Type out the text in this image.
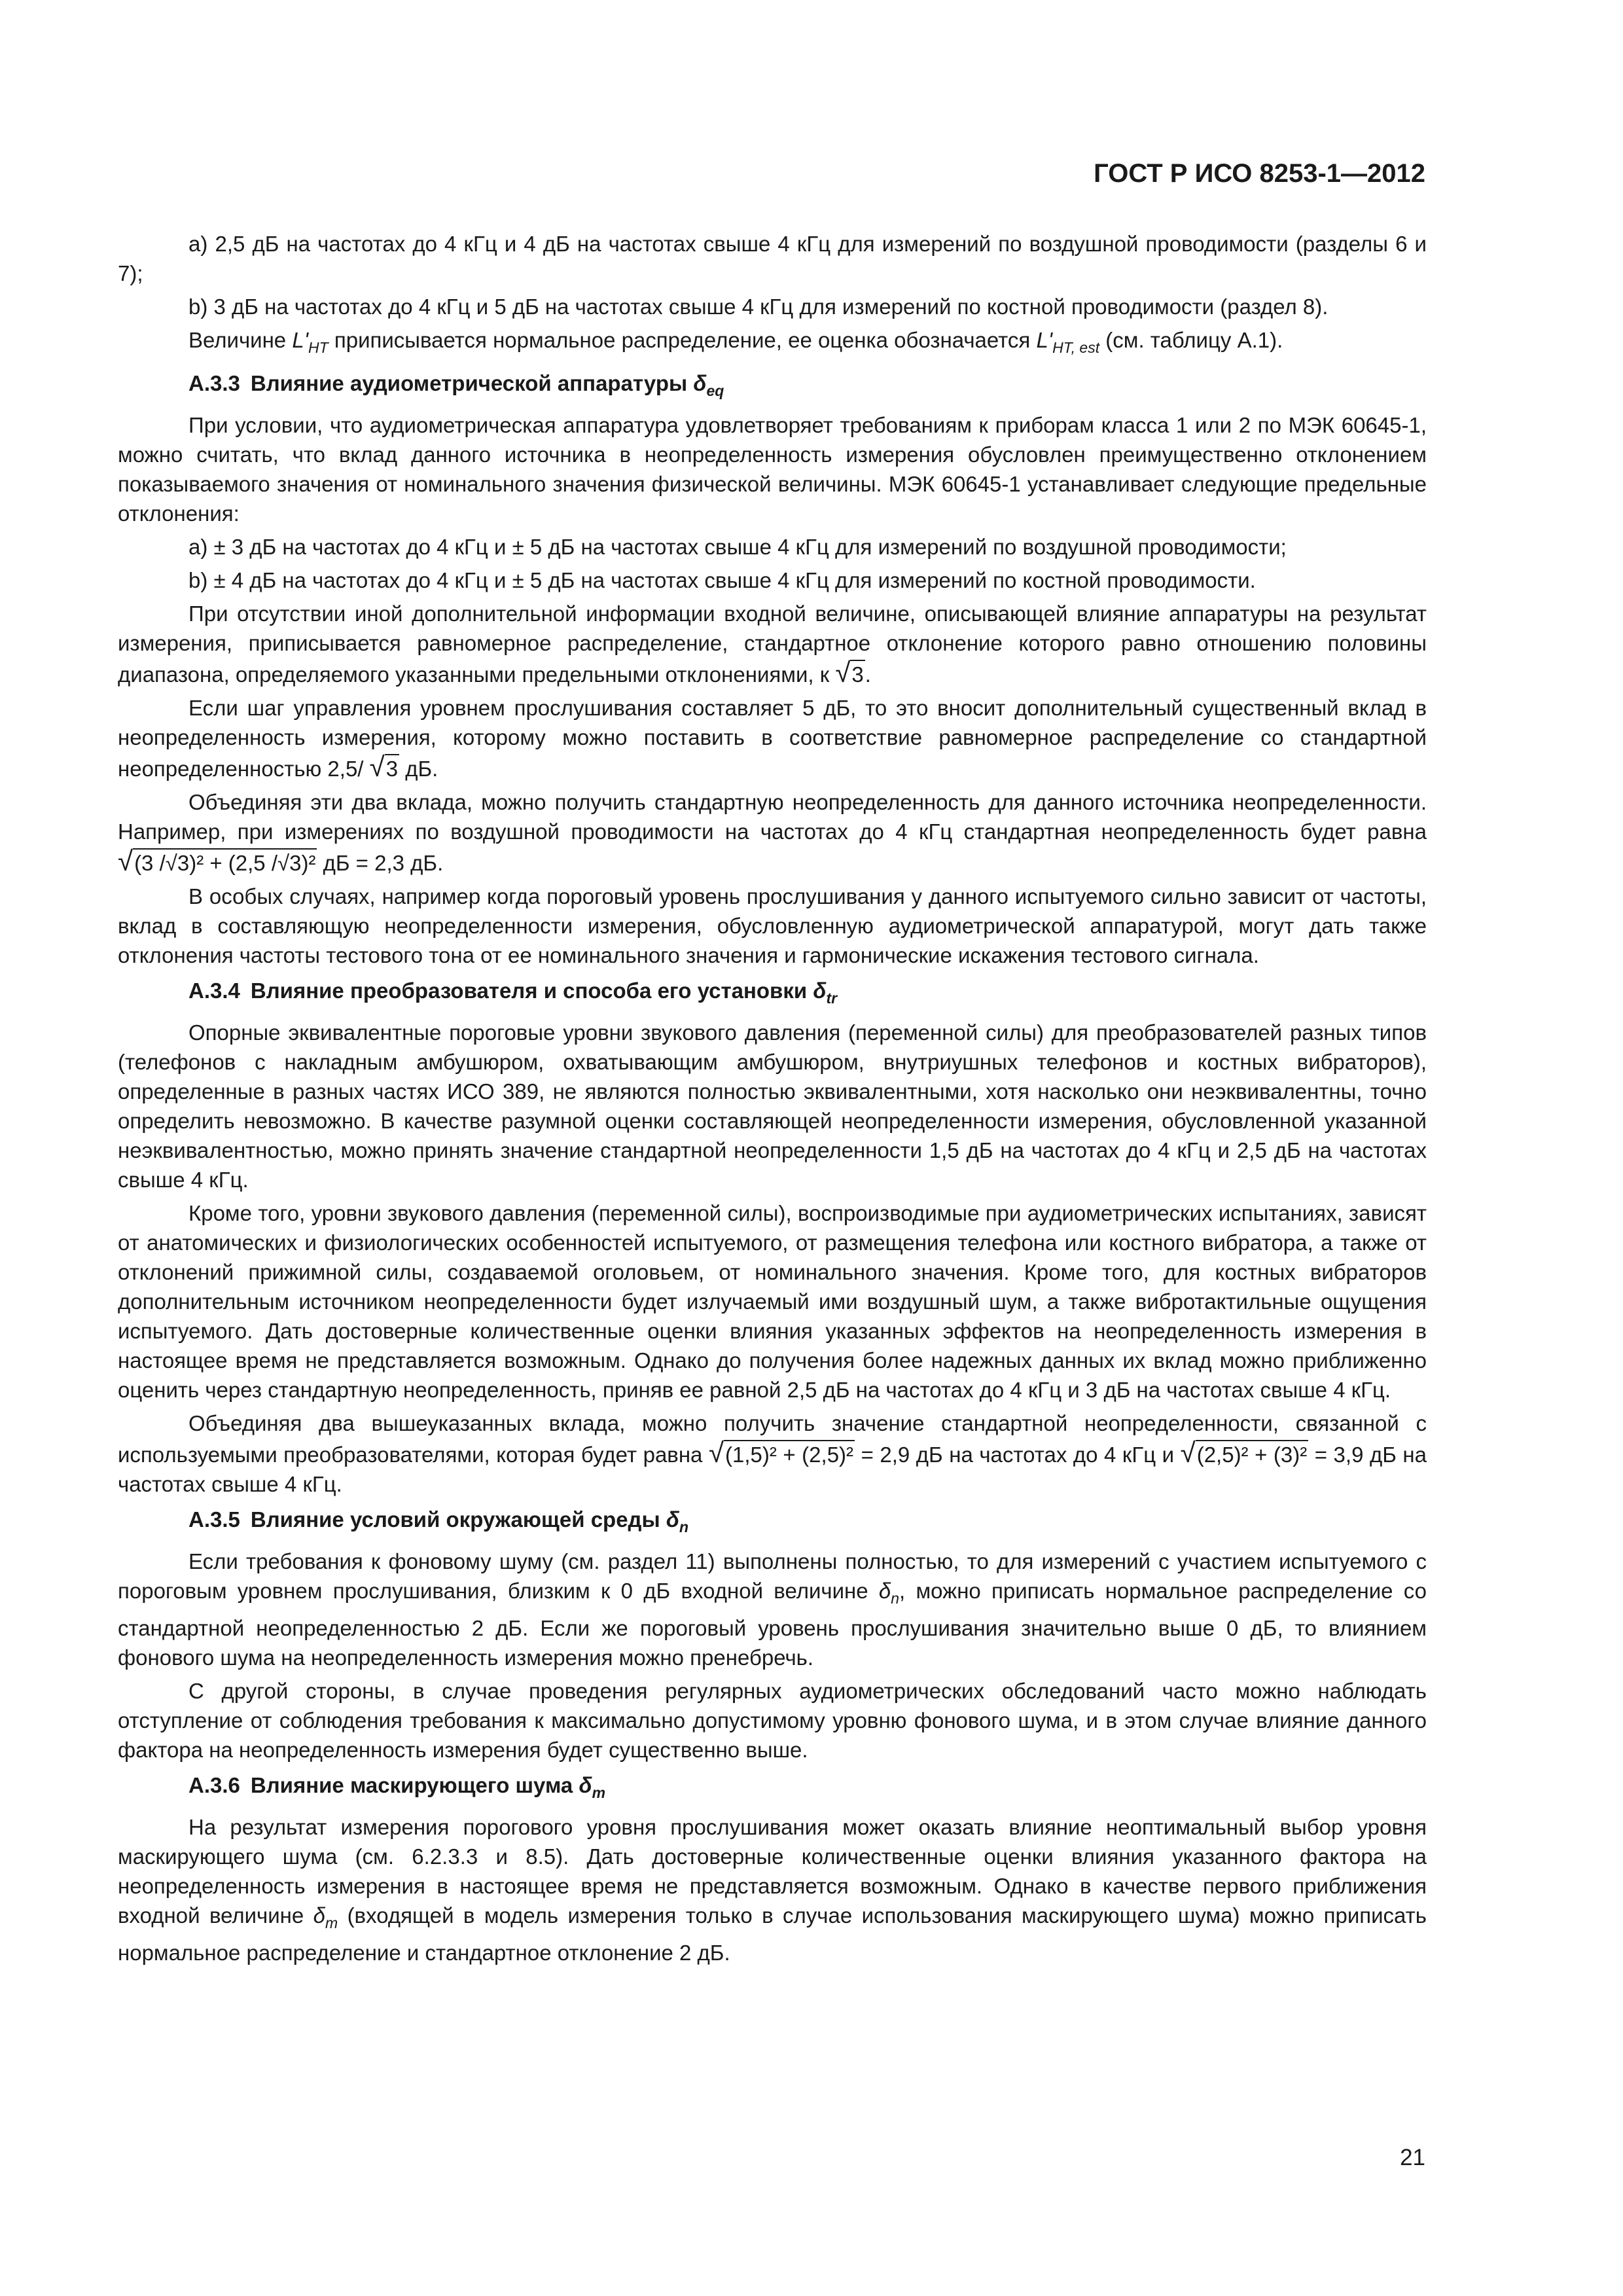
ГОСТ Р ИСО 8253-1—2012

a) 2,5 дБ на частотах до 4 кГц и 4 дБ на частотах свыше 4 кГц для измерений по воздушной проводимости (разделы 6 и 7);

b) 3 дБ на частотах до 4 кГц и 5 дБ на частотах свыше 4 кГц для измерений по костной проводимости (раздел 8).

Величине $L'_{HT}$ приписывается нормальное распределение, ее оценка обозначается $L'_{HT, est}$ (см. таблицу А.1).

А.3.3 Влияние аудиометрической аппаратуры $\delta_{eq}$

При условии, что аудиометрическая аппаратура удовлетворяет требованиям к приборам класса 1 или 2 по МЭК 60645-1, можно считать, что вклад данного источника в неопределенность измерения обусловлен преимущественно отклонением показываемого значения от номинального значения физической величины. МЭК 60645-1 устанавливает следующие предельные отклонения:

a) ± 3 дБ на частотах до 4 кГц и ± 5 дБ на частотах свыше 4 кГц для измерений по воздушной проводимости;

b) ± 4 дБ на частотах до 4 кГц и ± 5 дБ на частотах свыше 4 кГц для измерений по костной проводимости.

При отсутствии иной дополнительной информации входной величине, описывающей влияние аппаратуры на результат измерения, приписывается равномерное распределение, стандартное отклонение которого равно отношению половины диапазона, определяемого указанными предельными отклонениями, к √3.

Если шаг управления уровнем прослушивания составляет 5 дБ, то это вносит дополнительный существенный вклад в неопределенность измерения, которому можно поставить в соответствие равномерное распределение со стандартной неопределенностью 2,5/ √3 дБ.

Объединяя эти два вклада, можно получить стандартную неопределенность для данного источника неопределенности. Например, при измерениях по воздушной проводимости на частотах до 4 кГц стандартная неопределенность будет равна √(3 /√3)² + (2,5 /√3)² дБ = 2,3 дБ.

В особых случаях, например когда пороговый уровень прослушивания у данного испытуемого сильно зависит от частоты, вклад в составляющую неопределенности измерения, обусловленную аудиометрической аппаратурой, могут дать также отклонения частоты тестового тона от ее номинального значения и гармонические искажения тестового сигнала.

А.3.4 Влияние преобразователя и способа его установки $\delta_{tr}$

Опорные эквивалентные пороговые уровни звукового давления (переменной силы) для преобразователей разных типов (телефонов с накладным амбушюром, охватывающим амбушюром, внутриушных телефонов и костных вибраторов), определенные в разных частях ИСО 389, не являются полностью эквивалентными, хотя насколько они неэквивалентны, точно определить невозможно. В качестве разумной оценки составляющей неопределенности измерения, обусловленной указанной неэквивалентностью, можно принять значение стандартной неопределенности 1,5 дБ на частотах до 4 кГц и 2,5 дБ на частотах свыше 4 кГц.

Кроме того, уровни звукового давления (переменной силы), воспроизводимые при аудиометрических испытаниях, зависят от анатомических и физиологических особенностей испытуемого, от размещения телефона или костного вибратора, а также от отклонений прижимной силы, создаваемой оголовьем, от номинального значения. Кроме того, для костных вибраторов дополнительным источником неопределенности будет излучаемый ими воздушный шум, а также вибротактильные ощущения испытуемого. Дать достоверные количественные оценки влияния указанных эффектов на неопределенность измерения в настоящее время не представляется возможным. Однако до получения более надежных данных их вклад можно приближенно оценить через стандартную неопределенность, приняв ее равной 2,5 дБ на частотах до 4 кГц и 3 дБ на частотах свыше 4 кГц.

Объединяя два вышеуказанных вклада, можно получить значение стандартной неопределенности, связанной с используемыми преобразователями, которая будет равна √(1,5)² + (2,5)² = 2,9 дБ на частотах до 4 кГц и √(2,5)² + (3)² = 3,9 дБ на частотах свыше 4 кГц.

А.3.5 Влияние условий окружающей среды $\delta_n$

Если требования к фоновому шуму (см. раздел 11) выполнены полностью, то для измерений с участием испытуемого с пороговым уровнем прослушивания, близким к 0 дБ входной величине $\delta_n$, можно приписать нормальное распределение со стандартной неопределенностью 2 дБ. Если же пороговый уровень прослушивания значительно выше 0 дБ, то влиянием фонового шума на неопределенность измерения можно пренебречь.

С другой стороны, в случае проведения регулярных аудиометрических обследований часто можно наблюдать отступление от соблюдения требования к максимально допустимому уровню фонового шума, и в этом случае влияние данного фактора на неопределенность измерения будет существенно выше.

А.3.6 Влияние маскирующего шума $\delta_m$

На результат измерения порогового уровня прослушивания может оказать влияние неоптимальный выбор уровня маскирующего шума (см. 6.2.3.3 и 8.5). Дать достоверные количественные оценки влияния указанного фактора на неопределенность измерения в настоящее время не представляется возможным. Однако в качестве первого приближения входной величине $\delta_m$ (входящей в модель измерения только в случае использования маскирующего шума) можно приписать нормальное распределение и стандартное отклонение 2 дБ.

21
